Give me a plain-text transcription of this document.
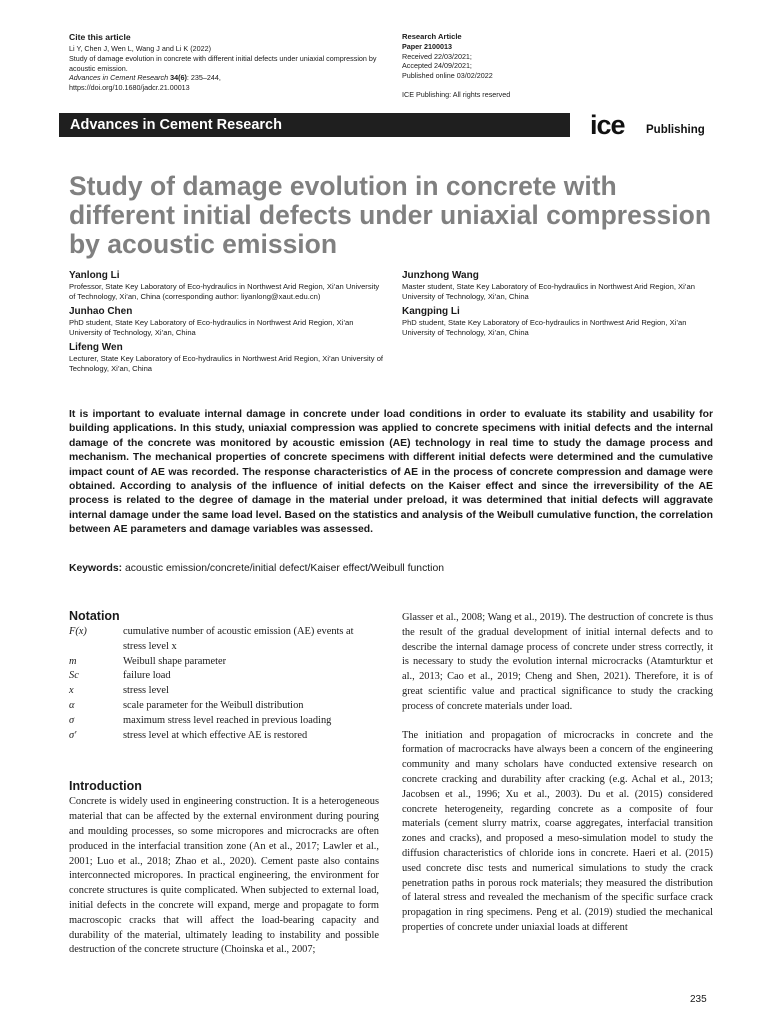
Cite this article
Li Y, Chen J, Wen L, Wang J and Li K (2022)
Study of damage evolution in concrete with different initial defects under uniaxial compression by acoustic emission.
Advances in Cement Research 34(6): 235–244,
https://doi.org/10.1680/jadcr.21.00013
Research Article
Paper 2100013
Received 22/03/2021;
Accepted 24/09/2021;
Published online 03/02/2022
ICE Publishing: All rights reserved
Advances in Cement Research	ice Publishing
Study of damage evolution in concrete with different initial defects under uniaxial compression by acoustic emission
Yanlong Li
Professor, State Key Laboratory of Eco-hydraulics in Northwest Arid Region, Xi’an University of Technology, Xi’an, China (corresponding author: liyanlong@xaut.edu.cn)
Junhao Chen
PhD student, State Key Laboratory of Eco-hydraulics in Northwest Arid Region, Xi’an University of Technology, Xi’an, China
Lifeng Wen
Lecturer, State Key Laboratory of Eco-hydraulics in Northwest Arid Region, Xi’an University of Technology, Xi’an, China
Junzhong Wang
Master student, State Key Laboratory of Eco-hydraulics in Northwest Arid Region, Xi’an University of Technology, Xi’an, China
Kangping Li
PhD student, State Key Laboratory of Eco-hydraulics in Northwest Arid Region, Xi’an University of Technology, Xi’an, China

It is important to evaluate internal damage in concrete under load conditions in order to evaluate its stability and usability for building applications. In this study, uniaxial compression was applied to concrete specimens with initial defects and the internal damage of the concrete was monitored by acoustic emission (AE) technology in real time to study the damage process and mechanism. The mechanical properties of concrete specimens with different initial defects were determined and the cumulative impact count of AE was recorded. The response characteristics of AE in the process of concrete compression and damage were obtained. According to analysis of the influence of initial defects on the Kaiser effect and since the irreversibility of the AE process is related to the degree of damage in the material under preload, it was determined that initial defects will aggravate internal damage under the same load level. Based on the statistics and analysis of the Weibull cumulative function, the correlation between AE parameters and damage variables was assessed.

Keywords: acoustic emission/concrete/initial defect/Kaiser effect/Weibull function
Notation
F(x)	cumulative number of acoustic emission (AE) events at stress level x
m	Weibull shape parameter
Sc	failure load
x	stress level
α	scale parameter for the Weibull distribution
σ	maximum stress level reached in previous loading
σ′	stress level at which effective AE is restored
Introduction

Concrete is widely used in engineering construction. It is a heterogeneous material that can be affected by the external environment during pouring and moulding processes, so some micropores and microcracks are often produced in the interfacial transition zone (An et al., 2017; Lawler et al., 2001; Luo et al., 2018; Zhao et al., 2020). Cement paste also contains interconnected micropores. In practical engineering, the environment for concrete structures is quite complicated. When subjected to external load, initial defects in the concrete will expand, merge and propagate to form macroscopic cracks that will affect the load-bearing capacity and durability of the material, ultimately leading to instability and possible destruction of the concrete structure (Choinska et al., 2007;

Glasser et al., 2008; Wang et al., 2019). The destruction of concrete is thus the result of the gradual development of initial internal defects and to describe the internal damage process of concrete under stress correctly, it is necessary to study the evolution internal microcracks (Atamturktur et al., 2013; Cao et al., 2019; Cheng and Shen, 2021). Therefore, it is of great scientific value and practical significance to study the cracking process of concrete materials under load.

The initiation and propagation of microcracks in concrete and the formation of macrocracks have always been a concern of the engineering community and many scholars have conducted extensive research on concrete cracking and durability after cracking (e.g. Achal et al., 2013; Jacobsen et al., 1996; Xu et al., 2003). Du et al. (2015) considered concrete heterogeneity, regarding concrete as a composite of four materials (cement slurry matrix, coarse aggregates, interfacial transition zones and cracks), and proposed a meso-simulation model to study the diffusion characteristics of chloride ions in concrete. Haeri et al. (2015) used concrete disc tests and numerical simulations to study the crack penetration paths in porous rock materials; they measured the distribution of lateral stress and revealed the mechanism of the specific surface crack propagation in ring specimens. Peng et al. (2019) studied the mechanical properties of concrete under uniaxial loads at different

235
